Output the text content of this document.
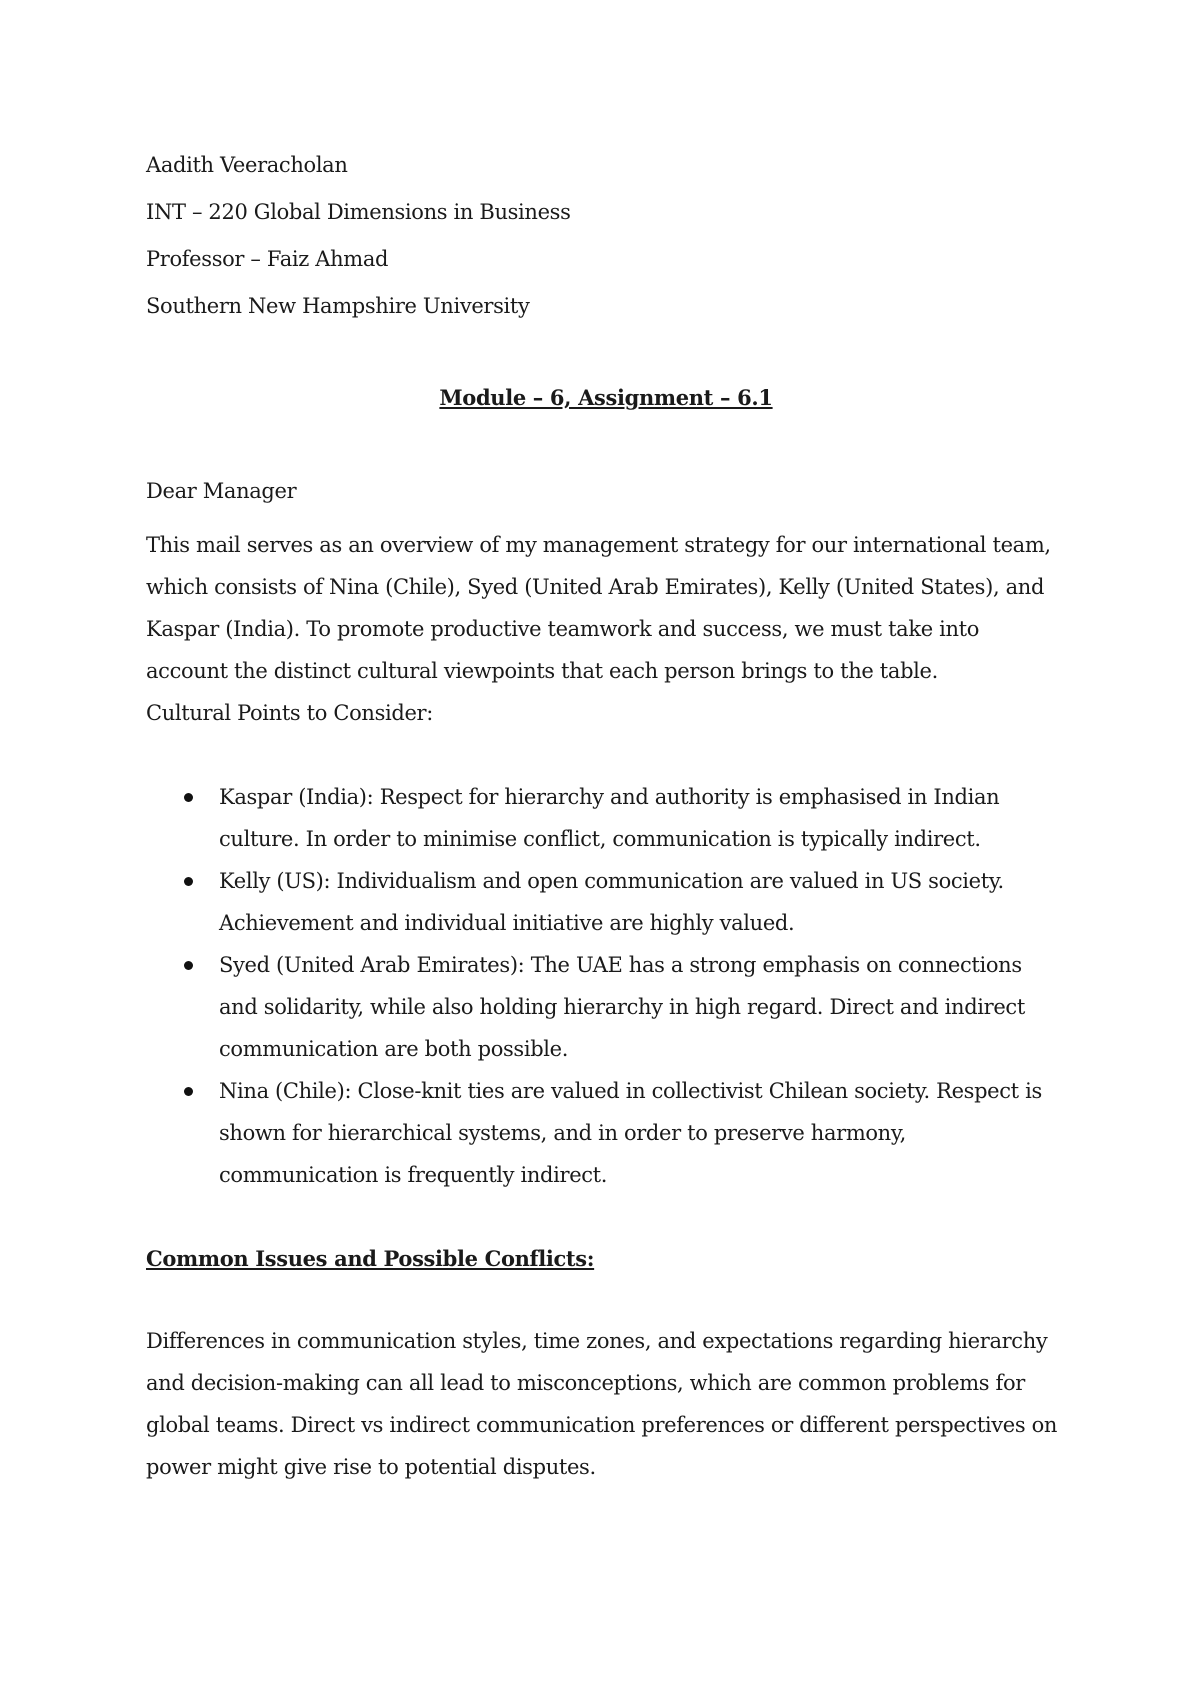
Aadith Veeracholan

INT – 220 Global Dimensions in Business

Professor – Faiz Ahmad

Southern New Hampshire University

Module – 6, Assignment – 6.1

Dear Manager

This mail serves as an overview of my management strategy for our international team, which consists of Nina (Chile), Syed (United Arab Emirates), Kelly (United States), and Kaspar (India). To promote productive teamwork and success, we must take into account the distinct cultural viewpoints that each person brings to the table.

Cultural Points to Consider:

Kaspar (India): Respect for hierarchy and authority is emphasised in Indian culture. In order to minimise conflict, communication is typically indirect.
Kelly (US): Individualism and open communication are valued in US society. Achievement and individual initiative are highly valued.
Syed (United Arab Emirates): The UAE has a strong emphasis on connections and solidarity, while also holding hierarchy in high regard. Direct and indirect communication are both possible.
Nina (Chile): Close-knit ties are valued in collectivist Chilean society. Respect is shown for hierarchical systems, and in order to preserve harmony, communication is frequently indirect.

Common Issues and Possible Conflicts:

Differences in communication styles, time zones, and expectations regarding hierarchy and decision-making can all lead to misconceptions, which are common problems for global teams. Direct vs indirect communication preferences or different perspectives on power might give rise to potential disputes.
